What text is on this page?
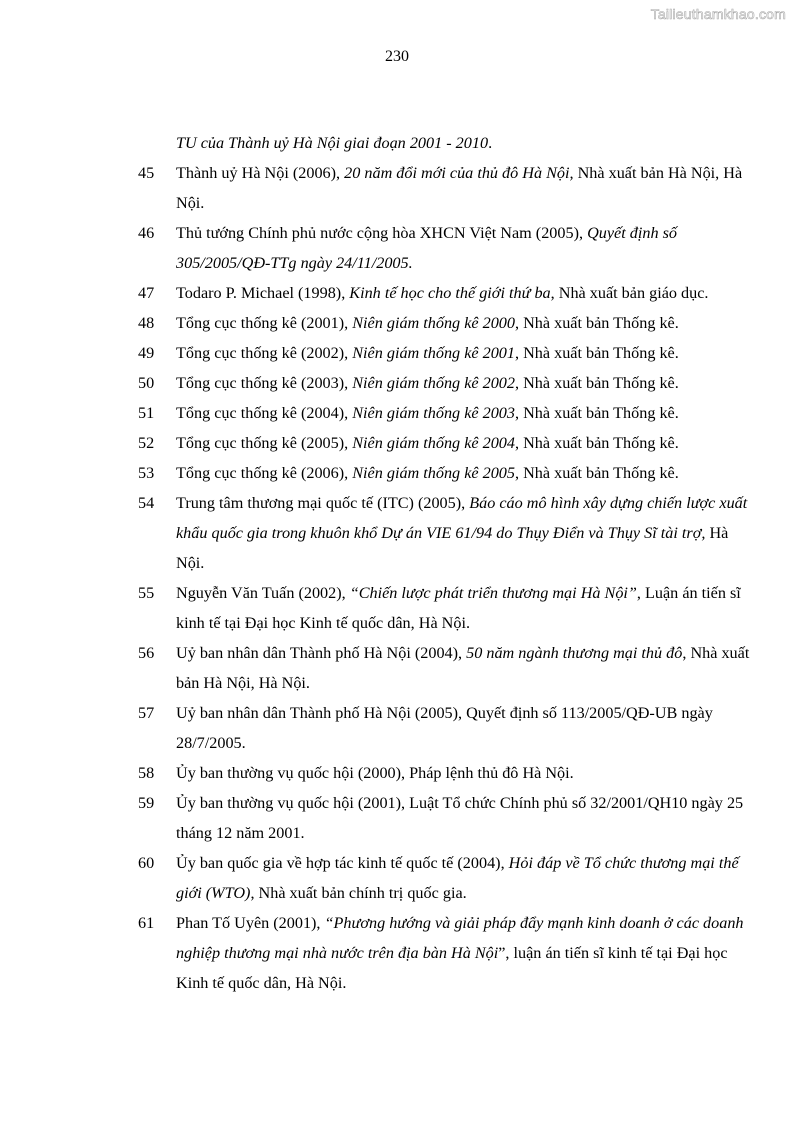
Tailieuthamkhao.com
230
TU của Thành uỷ Hà Nội giai đoạn 2001 - 2010.
45	Thành uỷ Hà Nội (2006), 20 năm đổi mới của thủ đô Hà Nội, Nhà xuất bản Hà Nội, Hà Nội.
46	Thủ tướng Chính phủ nước cộng hòa XHCN Việt Nam (2005), Quyết định số 305/2005/QĐ-TTg ngày 24/11/2005.
47	Todaro P. Michael (1998), Kinh tế học cho thế giới thứ ba, Nhà xuất bản giáo dục.
48	Tổng cục thống kê (2001), Niên giám thống kê 2000, Nhà xuất bản Thống kê.
49	Tổng cục thống kê (2002), Niên giám thống kê 2001, Nhà xuất bản Thống kê.
50	Tổng cục thống kê (2003), Niên giám thống kê 2002, Nhà xuất bản Thống kê.
51	Tổng cục thống kê (2004), Niên giám thống kê 2003, Nhà xuất bản Thống kê.
52	Tổng cục thống kê (2005), Niên giám thống kê 2004, Nhà xuất bản Thống kê.
53	Tổng cục thống kê (2006), Niên giám thống kê 2005, Nhà xuất bản Thống kê.
54	Trung tâm thương mại quốc tế (ITC) (2005), Báo cáo mô hình xây dựng chiến lược xuất khẩu quốc gia trong khuôn khổ Dự án VIE 61/94 do Thụy Điển và Thụy Sĩ tài trợ, Hà Nội.
55	Nguyễn Văn Tuấn (2002), “Chiến lược phát triển thương mại Hà Nội”, Luận án tiến sĩ kinh tế tại Đại học Kinh tế quốc dân, Hà Nội.
56	Uỷ ban nhân dân Thành phố Hà Nội (2004), 50 năm ngành thương mại thủ đô, Nhà xuất bản Hà Nội, Hà Nội.
57	Uỷ ban nhân dân Thành phố Hà Nội (2005), Quyết định số 113/2005/QĐ-UB ngày 28/7/2005.
58	Ủy ban thường vụ quốc hội (2000), Pháp lệnh thủ đô Hà Nội.
59	Ủy ban thường vụ quốc hội (2001), Luật Tổ chức Chính phủ số 32/2001/QH10 ngày 25 tháng 12 năm 2001.
60	Ủy ban quốc gia về hợp tác kinh tế quốc tế (2004), Hỏi đáp về Tổ chức thương mại thế giới (WTO), Nhà xuất bản chính trị quốc gia.
61	Phan Tố Uyên (2001), “Phương hướng và giải pháp đẩy mạnh kinh doanh ở các doanh nghiệp thương mại nhà nước trên địa bàn Hà Nội”, luận án tiến sĩ kinh tế tại Đại học Kinh tế quốc dân, Hà Nội.
